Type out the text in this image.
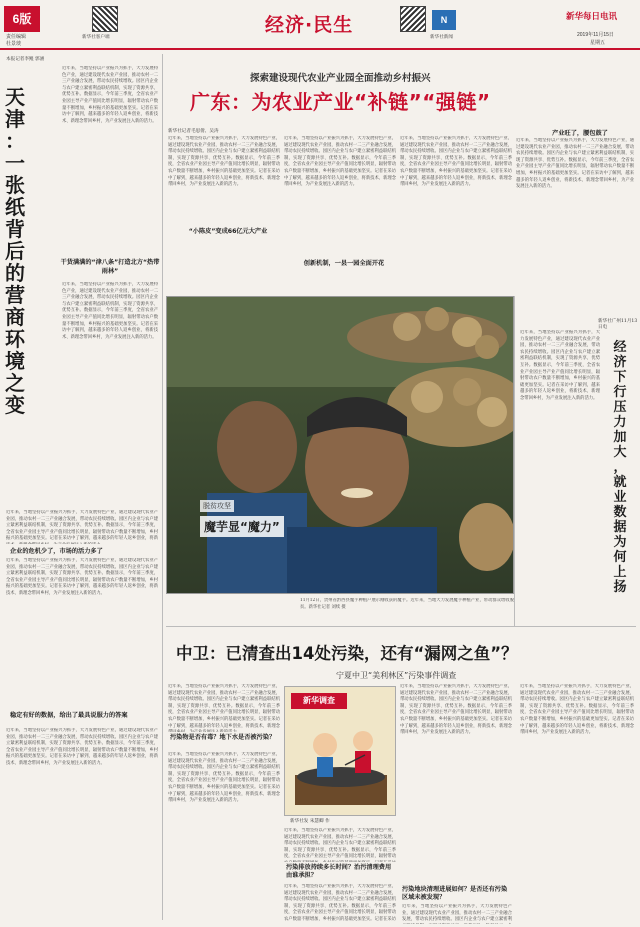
6版
责任编辑
杜景琰
新华社客户端
经济·民生	N
新华社新闻
新华每日电讯
2019年11月15日
星期五
本报记者李鲲 郭涵
天
津
：
一
张
纸
背
后
的
营
商
环
境
之
变
近年来，当地坚持以产业振兴为抓手，大力发展特色产业，通过建设现代农业产业园，推动农村一二三产业融合发展，带动农民持续增收。园区内企业与农户建立紧密利益联结机制，实现了资源共享、优势互补。数据显示，今年前三季度，全省农业产业园主导产业产值同比增长明显，辐射带动农户数量不断增加，乡村振兴的基础更加坚实。记者在采访中了解到，越来越多的年轻人返乡创业，将新技术、新理念带回乡村，为产业发展注入新的活力。
干货满满的“津八条”打造北方“热带雨林”
近年来，当地坚持以产业振兴为抓手，大力发展特色产业，通过建设现代农业产业园，推动农村一二三产业融合发展，带动农民持续增收。园区内企业与农户建立紧密利益联结机制，实现了资源共享、优势互补。数据显示，今年前三季度，全省农业产业园主导产业产值同比增长明显，辐射带动农户数量不断增加，乡村振兴的基础更加坚实。记者在采访中了解到，越来越多的年轻人返乡创业，将新技术、新理念带回乡村，为产业发展注入新的活力。
近年来，当地坚持以产业振兴为抓手，大力发展特色产业，通过建设现代农业产业园，推动农村一二三产业融合发展，带动农民持续增收。园区内企业与农户建立紧密利益联结机制，实现了资源共享、优势互补。数据显示，今年前三季度，全省农业产业园主导产业产值同比增长明显，辐射带动农户数量不断增加，乡村振兴的基础更加坚实。记者在采访中了解到，越来越多的年轻人返乡创业，将新
企业的危机少了，市场的活力多了
近年来，当地坚持以产业振兴为抓手，大力发展特色产业，通过建设现代农业产业园，推动农村一二三产业融合发展，带动农民持续增收。园区内企业与农户建立紧密利益联结机制，实现了资源共享、优势互补。数据显示，今年前三季度，全省农业产业园主导产业产值同比增长明显，辐射带动农户数量不断增加，乡村振兴的基础更加坚实。记者在采访中了解到，越来越多的年轻人返乡创业，将新技术、新理念带回乡村，为产业发展注入新的活力。
稳定有好的数据，给出了最具说服力的答案
近年来，当地坚持以产业振兴为抓手，大力发展特色产业，通过建设现代农业产业园，推动农村一二三产业融合发展，带动农民持续增收。园区内企业与农户建立紧密利益联结机制，实现了资源共享、优势互补。数据显示，今年前三季度，全省农业产业园主导产业产值同比增长明显，辐射带动农户数量不断增加，乡村振兴的基础更加坚实。记者在采访中了解到，越来越多的年轻人返乡创业，将新技术、新理念带回乡村，为产业发展注入新的活力。
探索建设现代农业产业园全面推动乡村振兴
广东：为农业产业“补链”“强链”
新华社记者毛思倩、吴涛
近年来，当地坚持以产业振兴为抓手，大力发展特色产业，通过建设现代农业产业园，推动农村一二三产业融合发展，带动农民持续增收。园区内企业与农户建立紧密利益联结机制，实现了资源共享、优势互补。数据显示，今年前三季度，全省农业产业园主导产业产值同比增长明显，辐射带动农户数量不断增加，乡村振兴的基础更加坚实。记者在采访中了解到，越来越多的年轻人返乡创业，将新技术、新理念带回乡村，为产业发展注入新的活力。
近年来，当地坚持以产业振兴为抓手，大力发展特色产业，通过建设现代农业产业园，推动农村一二三产业融合发展，带动农民持续增收。园区内企业与农户建立紧密利益联结机制，实现了资源共享、优势互补。数据显示，今年前三季度，全省农业产业园主导产业产值同比增长明显，辐射带动农户数量不断增加，乡村振兴的基础更加坚实。记者在采访中了解到，越来越多的年轻人返乡创业，将新技术、新理念带回乡村，为产业发展注入新的活力。
近年来，当地坚持以产业振兴为抓手，大力发展特色产业，通过建设现代农业产业园，推动农村一二三产业融合发展，带动农民持续增收。园区内企业与农户建立紧密利益联结机制，实现了资源共享、优势互补。数据显示，今年前三季度，全省农业产业园主导产业产值同比增长明显，辐射带动农户数量不断增加，乡村振兴的基础更加坚实。记者在采访中了解到，越来越多的年轻人返乡创业，将新技术、新理念带回乡村，为产业发展注入新的活力。
“小陈皮”变成66亿元大产业
创新机制，一县一园全面开花
产业旺了，腰包鼓了
近年来，当地坚持以产业振兴为抓手，大力发展特色产业，通过建设现代农业产业园，推动农村一二三产业融合发展，带动农民持续增收。园区内企业与农户建立紧密利益联结机制，实现了资源共享、优势互补。数据显示，今年前三季度，全省农业产业园主导产业产值同比增长明显，辐射带动农户数量不断增加，乡村振兴的基础更加坚实。记者在采访中了解到，越来越多的年轻人返乡创业，将新技术、新理念带回乡村，为产业发展注入新的活力。
新华社广州11月13日电
脱贫攻坚
魔芋显“魔力”
11月12日，贵州省黔西县魔芋种植户展示刚收获的魔芋。近年来，当地大力发展魔芋种植产业，带动群众增收脱贫。新华社记者 刘续 摄
近年来，当地坚持以产业振兴为抓手，大力发展特色产业，通过建设现代农业产业园，推动农村一二三产业融合发展，带动农民持续增收。园区内企业与农户建立紧密利益联结机制，实现了资源共享、优势互补。数据显示，今年前三季度，全省农业产业园主导产业产值同比增长明显，辐射带动农户数量不断增加，乡村振兴的基础更加坚实。记者在采访中了解到，越来越多的年轻人返乡创业，将新技术、新理念带回乡村，为产业发展注入新的活力。
经
济
下
行
压
力
加
大
，
就
业
数
据
为
何
上
扬
中卫：已清查出14处污染，还有“漏网之鱼”？
宁夏中卫“美利林区”污染事件调查
近年来，当地坚持以产业振兴为抓手，大力发展特色产业，通过建设现代农业产业园，推动农村一二三产业融合发展，带动农民持续增收。园区内企业与农户建立紧密利益联结机制，实现了资源共享、优势互补。数据显示，今年前三季度，全省农业产业园主导产业产值同比增长明显，辐射带动农户数量不断增加，乡村振兴的基础更加坚实。记者在采访中了解到，越来越多的年轻人返乡创业，将新技术、新理念
污染物是否有毒？地下水是否被污染？
近年来，当地坚持以产业振兴为抓手，大力发展特色产业，通过建设现代农业产业园，推动农村一二三产业融合发展，带动农民持续增收。园区内企业与农户建立紧密利益联结机制，实现了资源共享、优势互补。数据显示，今年前三季度，全省农业产业园主导产业产值同比增长明显，辐射带动农户数量不断增加，乡村振兴的基础更加坚实。记者在采访中了解到，越来越多的年轻人返乡创业，将新技术、新理念带回乡村，为产业发展注入新的活力。
近年来，当地坚持以产业振兴为抓手，大力发展特色产业，通过建设现代农业产业园，推动农村一二三产业融合发展，带动农民持续增收。园区内企业与农户建立紧密利益联结机制，实现了资源共享、优势互补。数据显示，今年前三季度，全省农业产业园主导产业产值同比增长明显，辐射带动农户数量不断增加，乡村振兴的基础更加坚实。记者在采访中了解到，越来越多的年轻人返乡创业，将新技术、新理念带回乡村，为产业发展注入新的活力。
污染地块清理进展如何？是否还有污染区域未被发现？
近年来，当地坚持以产业振兴为抓手，大力发展特色产业，通过建设现代农业产业园，推动农村一二三产业融合发展，带动农民持续增收。园区内企业与农户建立紧密利
近年来，当地坚持以产业振兴为抓手，大力发展特色产业，通过建设现代农业产业园，推动农村一二三产业融合发展，带动农民持续增收。园区内企业与农户建立紧密利益联结机制，实现了资源共享、优势互补。数据显示，今年前三季度，全省农业产业园主导产业产值同比增长明显，辐射带动农户数量不断增加，乡村振兴的基础更加坚实。记者在采访中了解到，越来越多的年轻人返乡创业，将新技术、新理念带回乡村，为产业发展注入新的活力。
新华调查
新华社发 朱慧卿 作
近年来，当地坚持以产业振兴为抓手，大力发展特色产业，通过建设现代农业产业园，推动农村一二三产业融合发展，带动农民持续增收。园区内企业与农户建立紧密利益联结机制，实现了资源共享、优势互补。数据显示，今年前三季度，全省农业产业园主导产业产值同比增长明显，辐射带动
污染排放持续多长时间？治污清理费用由谁承担？
近年来，当地坚持以产业振兴为抓手，大力发展特色产业，通过建设现代农业产业园，推动农村一二三产业融合发展，带动农民持续增收。园区内企业与农户建立紧密利益联结机制，实现了资源共享、优势互补。数据显示，今年前三季度，全省农业产业园主导产业产值同比增长明显，辐射带动农户数量不断增加，乡村振兴的基础更加坚实。记者在采访
